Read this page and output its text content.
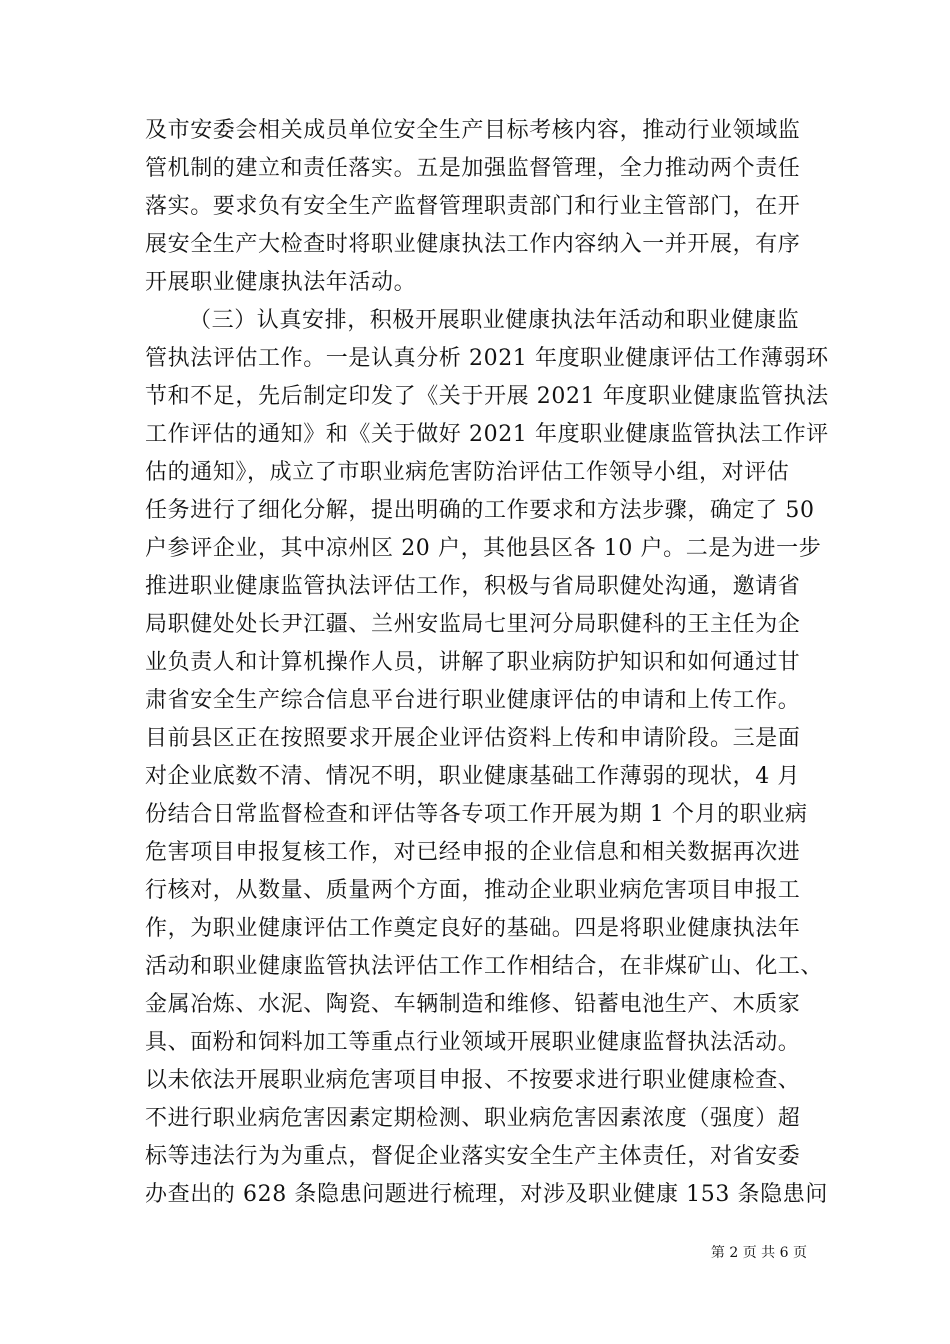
及市安委会相关成员单位安全生产目标考核内容，推动行业领域监
管机制的建立和责任落实。五是加强监督管理，全力推动两个责任
落实。要求负有安全生产监督管理职责部门和行业主管部门，在开
展安全生产大检查时将职业健康执法工作内容纳入一并开展，有序
开展职业健康执法年活动。
（三）认真安排，积极开展职业健康执法年活动和职业健康监
管执法评估工作。一是认真分析 2021 年度职业健康评估工作薄弱环
节和不足，先后制定印发了《关于开展 2021 年度职业健康监管执法
工作评估的通知》和《关于做好 2021 年度职业健康监管执法工作评
估的通知》，成立了市职业病危害防治评估工作领导小组，对评估
任务进行了细化分解，提出明确的工作要求和方法步骤，确定了 50
户参评企业，其中凉州区 20 户，其他县区各 10 户。二是为进一步
推进职业健康监管执法评估工作，积极与省局职健处沟通，邀请省
局职健处处长尹江疆、兰州安监局七里河分局职健科的王主任为企
业负责人和计算机操作人员，讲解了职业病防护知识和如何通过甘
肃省安全生产综合信息平台进行职业健康评估的申请和上传工作。
目前县区正在按照要求开展企业评估资料上传和申请阶段。三是面
对企业底数不清、情况不明，职业健康基础工作薄弱的现状，4 月
份结合日常监督检查和评估等各专项工作开展为期 1 个月的职业病
危害项目申报复核工作，对已经申报的企业信息和相关数据再次进
行核对，从数量、质量两个方面，推动企业职业病危害项目申报工
作，为职业健康评估工作奠定良好的基础。四是将职业健康执法年
活动和职业健康监管执法评估工作工作相结合，在非煤矿山、化工、
金属冶炼、水泥、陶瓷、车辆制造和维修、铅蓄电池生产、木质家
具、面粉和饲料加工等重点行业领域开展职业健康监督执法活动。
以未依法开展职业病危害项目申报、不按要求进行职业健康检查、
不进行职业病危害因素定期检测、职业病危害因素浓度（强度）超
标等违法行为为重点，督促企业落实安全生产主体责任，对省安委
办查出的 628 条隐患问题进行梳理，对涉及职业健康 153 条隐患问
第 2 页 共 6 页
